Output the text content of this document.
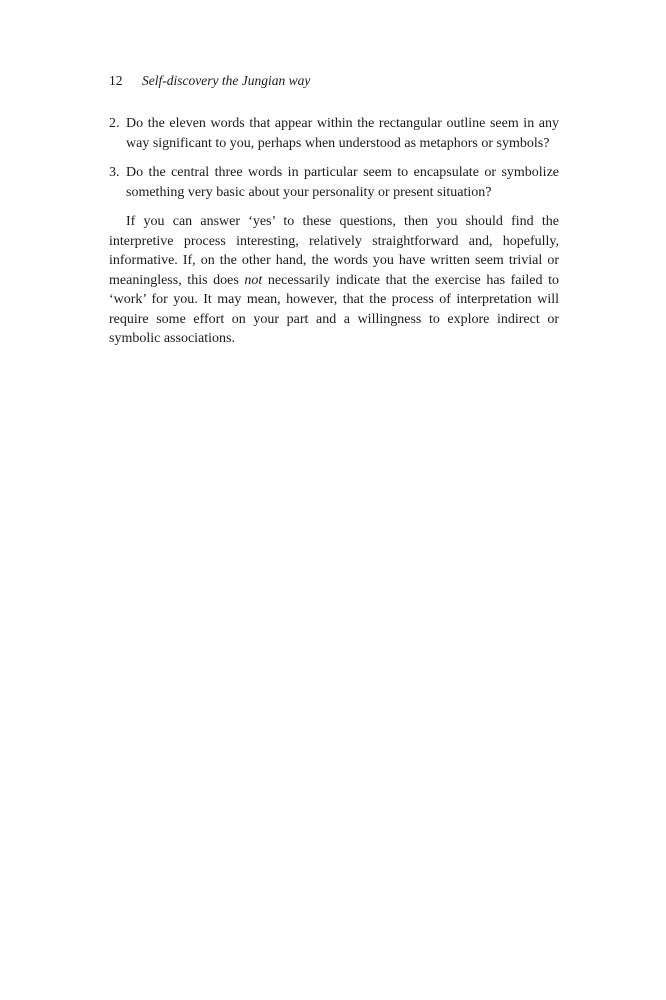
12 Self-discovery the Jungian way
2. Do the eleven words that appear within the rectangular outline seem in any way significant to you, perhaps when understood as metaphors or symbols?
3. Do the central three words in particular seem to encapsulate or symbolize something very basic about your personality or present situation?

If you can answer ‘yes’ to these questions, then you should find the interpretive process interesting, relatively straightforward and, hopefully, informative. If, on the other hand, the words you have written seem trivial or meaningless, this does not necessarily indicate that the exercise has failed to ‘work’ for you. It may mean, however, that the process of interpretation will require some effort on your part and a willingness to explore indirect or symbolic associations.
